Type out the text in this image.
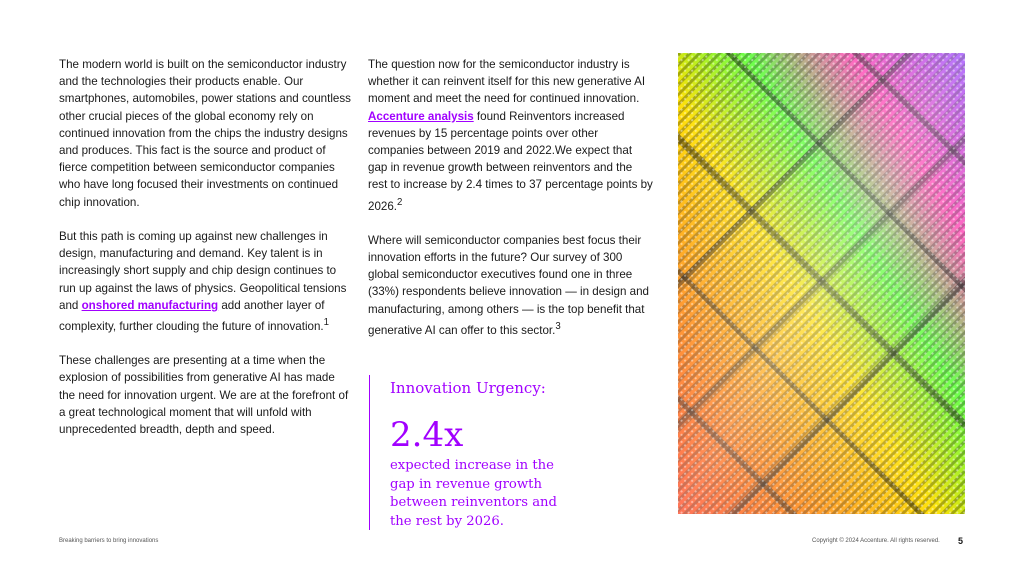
The modern world is built on the semiconductor industry and the technologies their products enable. Our smartphones, automobiles, power stations and countless other crucial pieces of the global economy rely on continued innovation from the chips the industry designs and produces. This fact is the source and product of fierce competition between semiconductor companies who have long focused their investments on continued chip innovation.

But this path is coming up against new challenges in design, manufacturing and demand. Key talent is in increasingly short supply and chip design continues to run up against the laws of physics. Geopolitical tensions and onshored manufacturing add another layer of complexity, further clouding the future of innovation.$^1$

These challenges are presenting at a time when the explosion of possibilities from generative AI has made the need for innovation urgent. We are at the forefront of a great technological moment that will unfold with unprecedented breadth, depth and speed.

The question now for the semiconductor industry is whether it can reinvent itself for this new generative AI moment and meet the need for continued innovation. Accenture analysis found Reinventors increased revenues by 15 percentage points over other companies between 2019 and 2022.We expect that gap in revenue growth between reinventors and the rest to increase by 2.4 times to 37 percentage points by 2026.$^2$

Where will semiconductor companies best focus their innovation efforts in the future? Our survey of 300 global semiconductor executives found one in three (33%) respondents believe innovation — in design and manufacturing, among others — is the top benefit that generative AI can offer to this sector.$^3$

Innovation Urgency:
2.4x
expected increase in the gap in revenue growth between reinventors and the rest by 2026.
Breaking barriers to bring innovations	Copyright © 2024 Accenture. All rights reserved. 5
